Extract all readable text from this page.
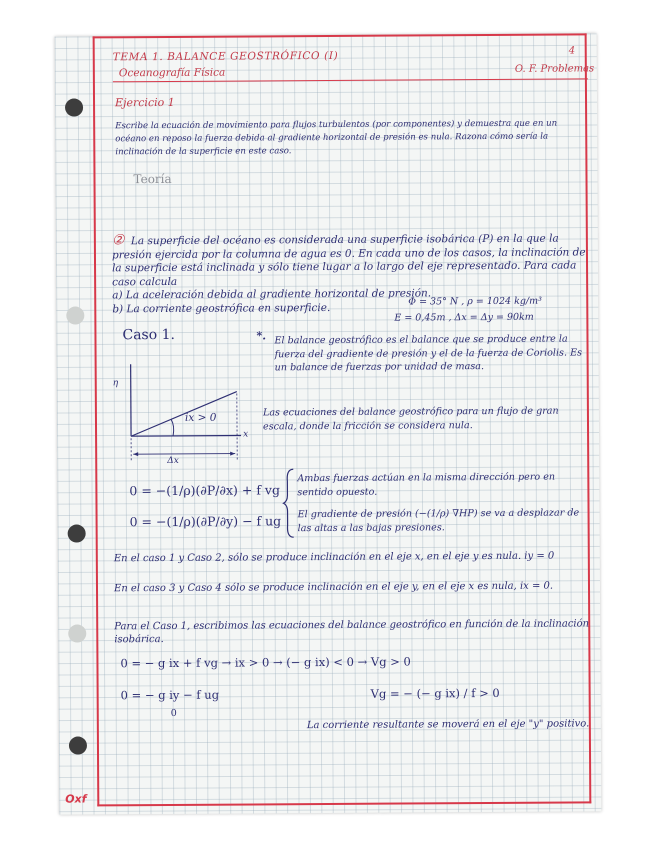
TEMA 1. BALANCE GEOSTRÓFICO (I)
Oceanografía Física
4
O. F. Problemas
Ejercicio 1
Escribe la ecuación de movimiento para flujos turbulentos (por componentes) y demuestra que en un océano en reposo la fuerza debida al gradiente horizontal de presión es nula. Razona cómo sería la inclinación de la superficie en este caso.
Teoría
② La superficie del océano es considerada una superficie isobárica (P) en la que la presión ejercida por la columna de agua es 0. En cada uno de los casos, la inclinación de la superficie está inclinada y sólo tiene lugar a lo largo del eje representado. Para cada caso calcula
a) La aceleración debida al gradiente horizontal de presión.
b) La corriente geostrófica en superficie.
Φ = 35° N , ρ = 1024 kg/m³
E = 0,45m , Δx = Δy = 90km
Caso 1.
ix > 0
x
Δx
η
*. El balance geostrófico es el balance que se produce entre la fuerza del gradiente de presión y el de la fuerza de Coriolis. Es un balance de fuerzas por unidad de masa.
Las ecuaciones del balance geostrófico para un flujo de gran escala, donde la fricción se considera nula.
0 = −(1/ρ)(∂P/∂x) + f vg
0 = −(1/ρ)(∂P/∂y) − f ug
Ambas fuerzas actúan en la misma dirección pero en sentido opuesto.
El gradiente de presión (−(1/ρ) ∇HP) se va a desplazar de las altas a las bajas presiones.
En el caso 1 y Caso 2, sólo se produce inclinación en el eje x, en el eje y es nula. iy = 0
En el caso 3 y Caso 4 sólo se produce inclinación en el eje y, en el eje x es nula, ix = 0.
Para el Caso 1, escribimos las ecuaciones del balance geostrófico en función de la inclinación isobárica.
0 = − g ix + f vg → ix > 0 → (− g ix) < 0 → Vg > 0
0 = − g iy − f ug
0
Vg = − (− g ix) / f > 0
La corriente resultante se moverá en el eje "y" positivo.
Oxf
